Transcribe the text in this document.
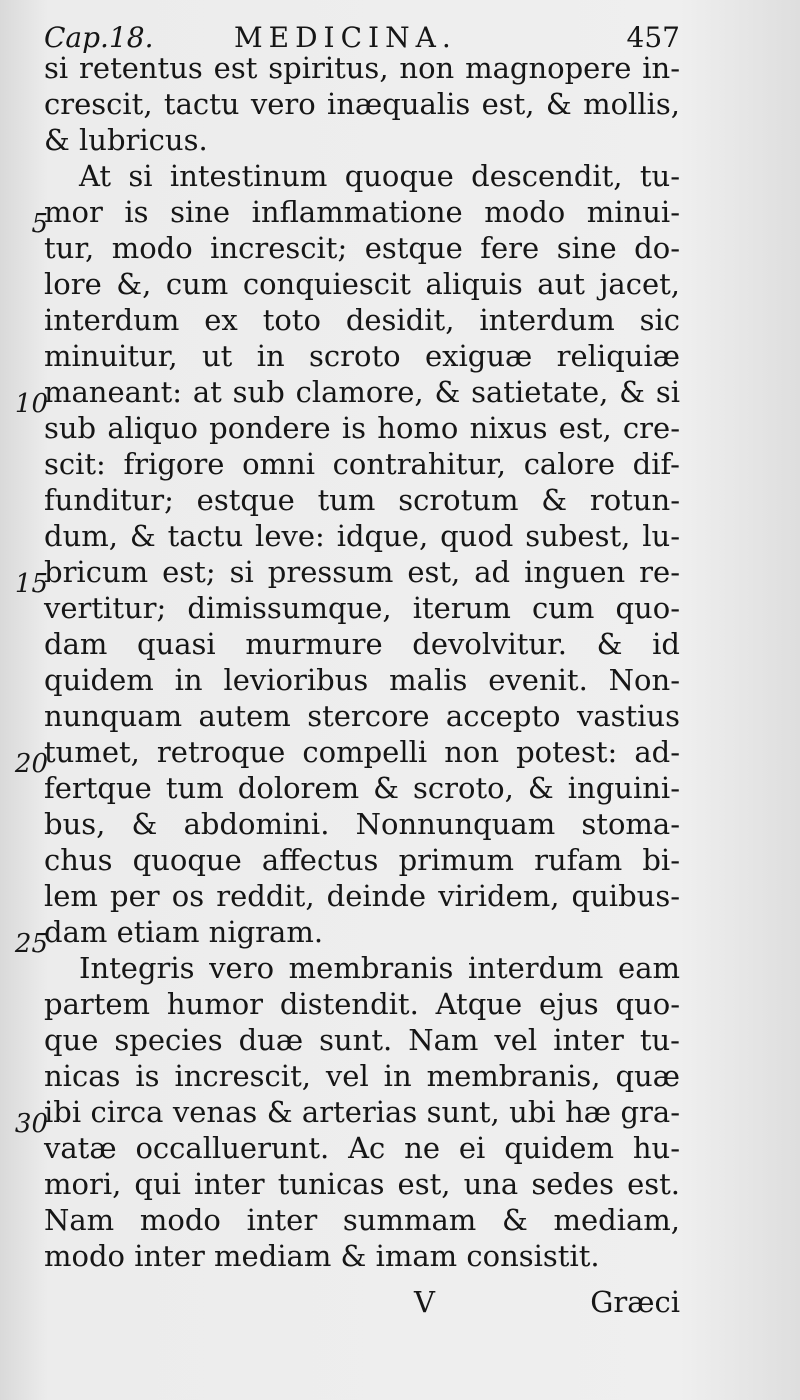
Cap.18.	MEDICINA.	457
si retentus est spiritus, non magnopere in-
crescit, tactu vero inæqualis est, & mollis,
& lubricus.
At si intestinum quoque descendit, tu-
mor is sine inflammatione modo minui-
tur, modo increscit; estque fere sine do-
lore &, cum conquiescit aliquis aut jacet,
interdum ex toto desidit, interdum sic
minuitur, ut in scroto exiguæ reliquiæ
maneant: at sub clamore, & satietate, & si
sub aliquo pondere is homo nixus est, cre-
scit: frigore omni contrahitur, calore dif-
funditur; estque tum scrotum & rotun-
dum, & tactu leve: idque, quod subest, lu-
bricum est; si pressum est, ad inguen re-
vertitur; dimissumque, iterum cum quo-
dam quasi murmure devolvitur. & id
quidem in levioribus malis evenit. Non-
nunquam autem stercore accepto vastius
tumet, retroque compelli non potest: ad-
fertque tum dolorem & scroto, & inguini-
bus, & abdomini. Nonnunquam stoma-
chus quoque affectus primum rufam bi-
lem per os reddit, deinde viridem, quibus-
dam etiam nigram.
Integris vero membranis interdum eam
partem humor distendit. Atque ejus quo-
que species duæ sunt. Nam vel inter tu-
nicas is increscit, vel in membranis, quæ
ibi circa venas & arterias sunt, ubi hæ gra-
vatæ occalluerunt. Ac ne ei quidem hu-
mori, qui inter tunicas est, una sedes est.
Nam modo inter summam & mediam,
modo inter mediam & imam consistit.
5
10
15
20
25
30
V	Græci
